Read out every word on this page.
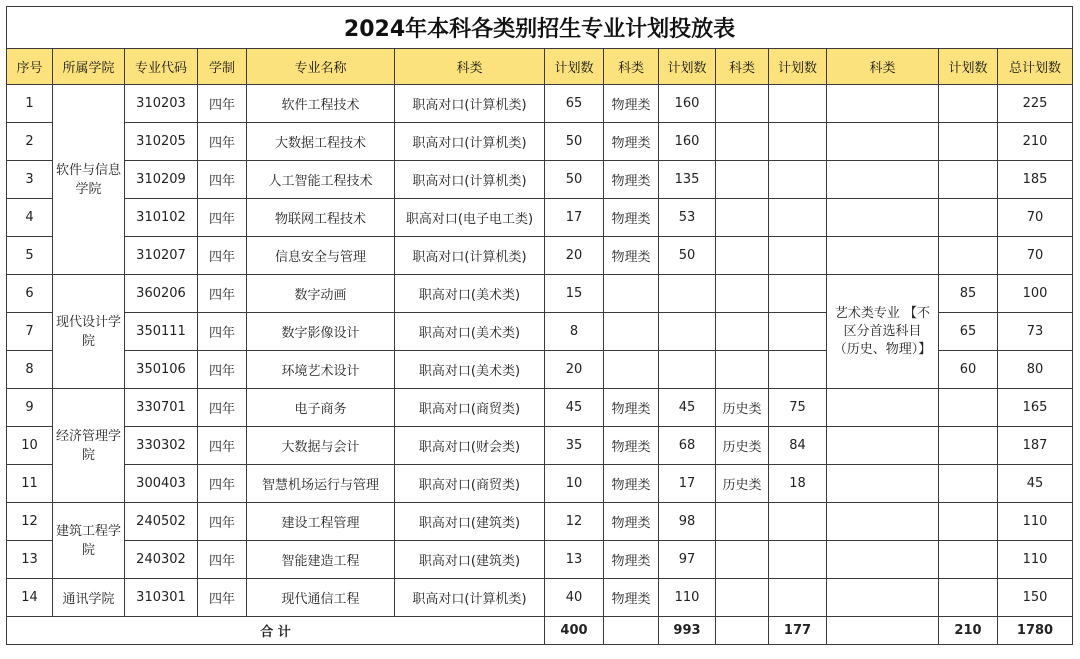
2024年本科各类别招生专业计划投放表													
序号	所属学院	专业代码	学制	专业名称	科类	计划数	科类	计划数	科类	计划数	科类	计划数	总计划数
1	软件与信息学院	310203	四年	软件工程技术	职高对口(计算机类)	65	物理类	160					225
2		310205	四年	大数据工程技术	职高对口(计算机类)	50	物理类	160					210
3		310209	四年	人工智能工程技术	职高对口(计算机类)	50	物理类	135					185
4		310102	四年	物联网工程技术	职高对口(电子电工类)	17	物理类	53					70
5		310207	四年	信息安全与管理	职高对口(计算机类)	20	物理类	50					70
6	现代设计学院	360206	四年	数字动画	职高对口(美术类)	15					艺术类专业 【不区分首选科目（历史、物理）】	85	100
7		350111	四年	数字影像设计	职高对口(美术类)	8						65	73
8		350106	四年	环境艺术设计	职高对口(美术类)	20						60	80
9	经济管理学院	330701	四年	电子商务	职高对口(商贸类)	45	物理类	45	历史类	75			165
10		330302	四年	大数据与会计	职高对口(财会类)	35	物理类	68	历史类	84			187
11		300403	四年	智慧机场运行与管理	职高对口(商贸类)	10	物理类	17	历史类	18			45
12	建筑工程学院	240502	四年	建设工程管理	职高对口(建筑类)	12	物理类	98					110
13		240302	四年	智能建造工程	职高对口(建筑类)	13	物理类	97					110
14	通讯学院	310301	四年	现代通信工程	职高对口(计算机类)	40	物理类	110					150
合 计						400		993		177		210	1780
